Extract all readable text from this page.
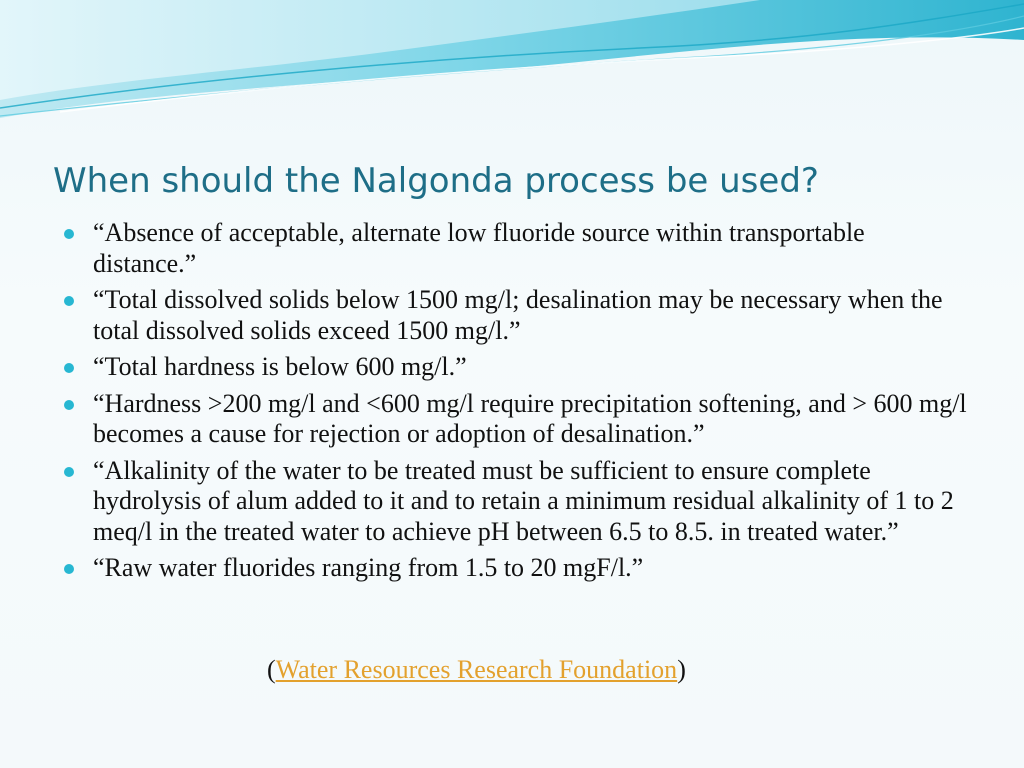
When should the Nalgonda process be used?
“Absence of acceptable, alternate low fluoride source within transportable distance.”
“Total dissolved solids below 1500 mg/l; desalination may be necessary when the total dissolved solids exceed 1500 mg/l.”
“Total hardness is below 600 mg/l.”
“Hardness >200 mg/l and <600 mg/l require precipitation softening, and > 600 mg/l becomes a cause for rejection or adoption of desalination.”
“Alkalinity of the water to be treated must be sufficient to ensure complete hydrolysis of alum added to it and to retain a minimum residual alkalinity of 1 to 2 meq/l in the treated water to achieve pH between 6.5 to 8.5. in treated water.”
“Raw water fluorides ranging from 1.5 to 20 mgF/l.”
(Water Resources Research Foundation)
